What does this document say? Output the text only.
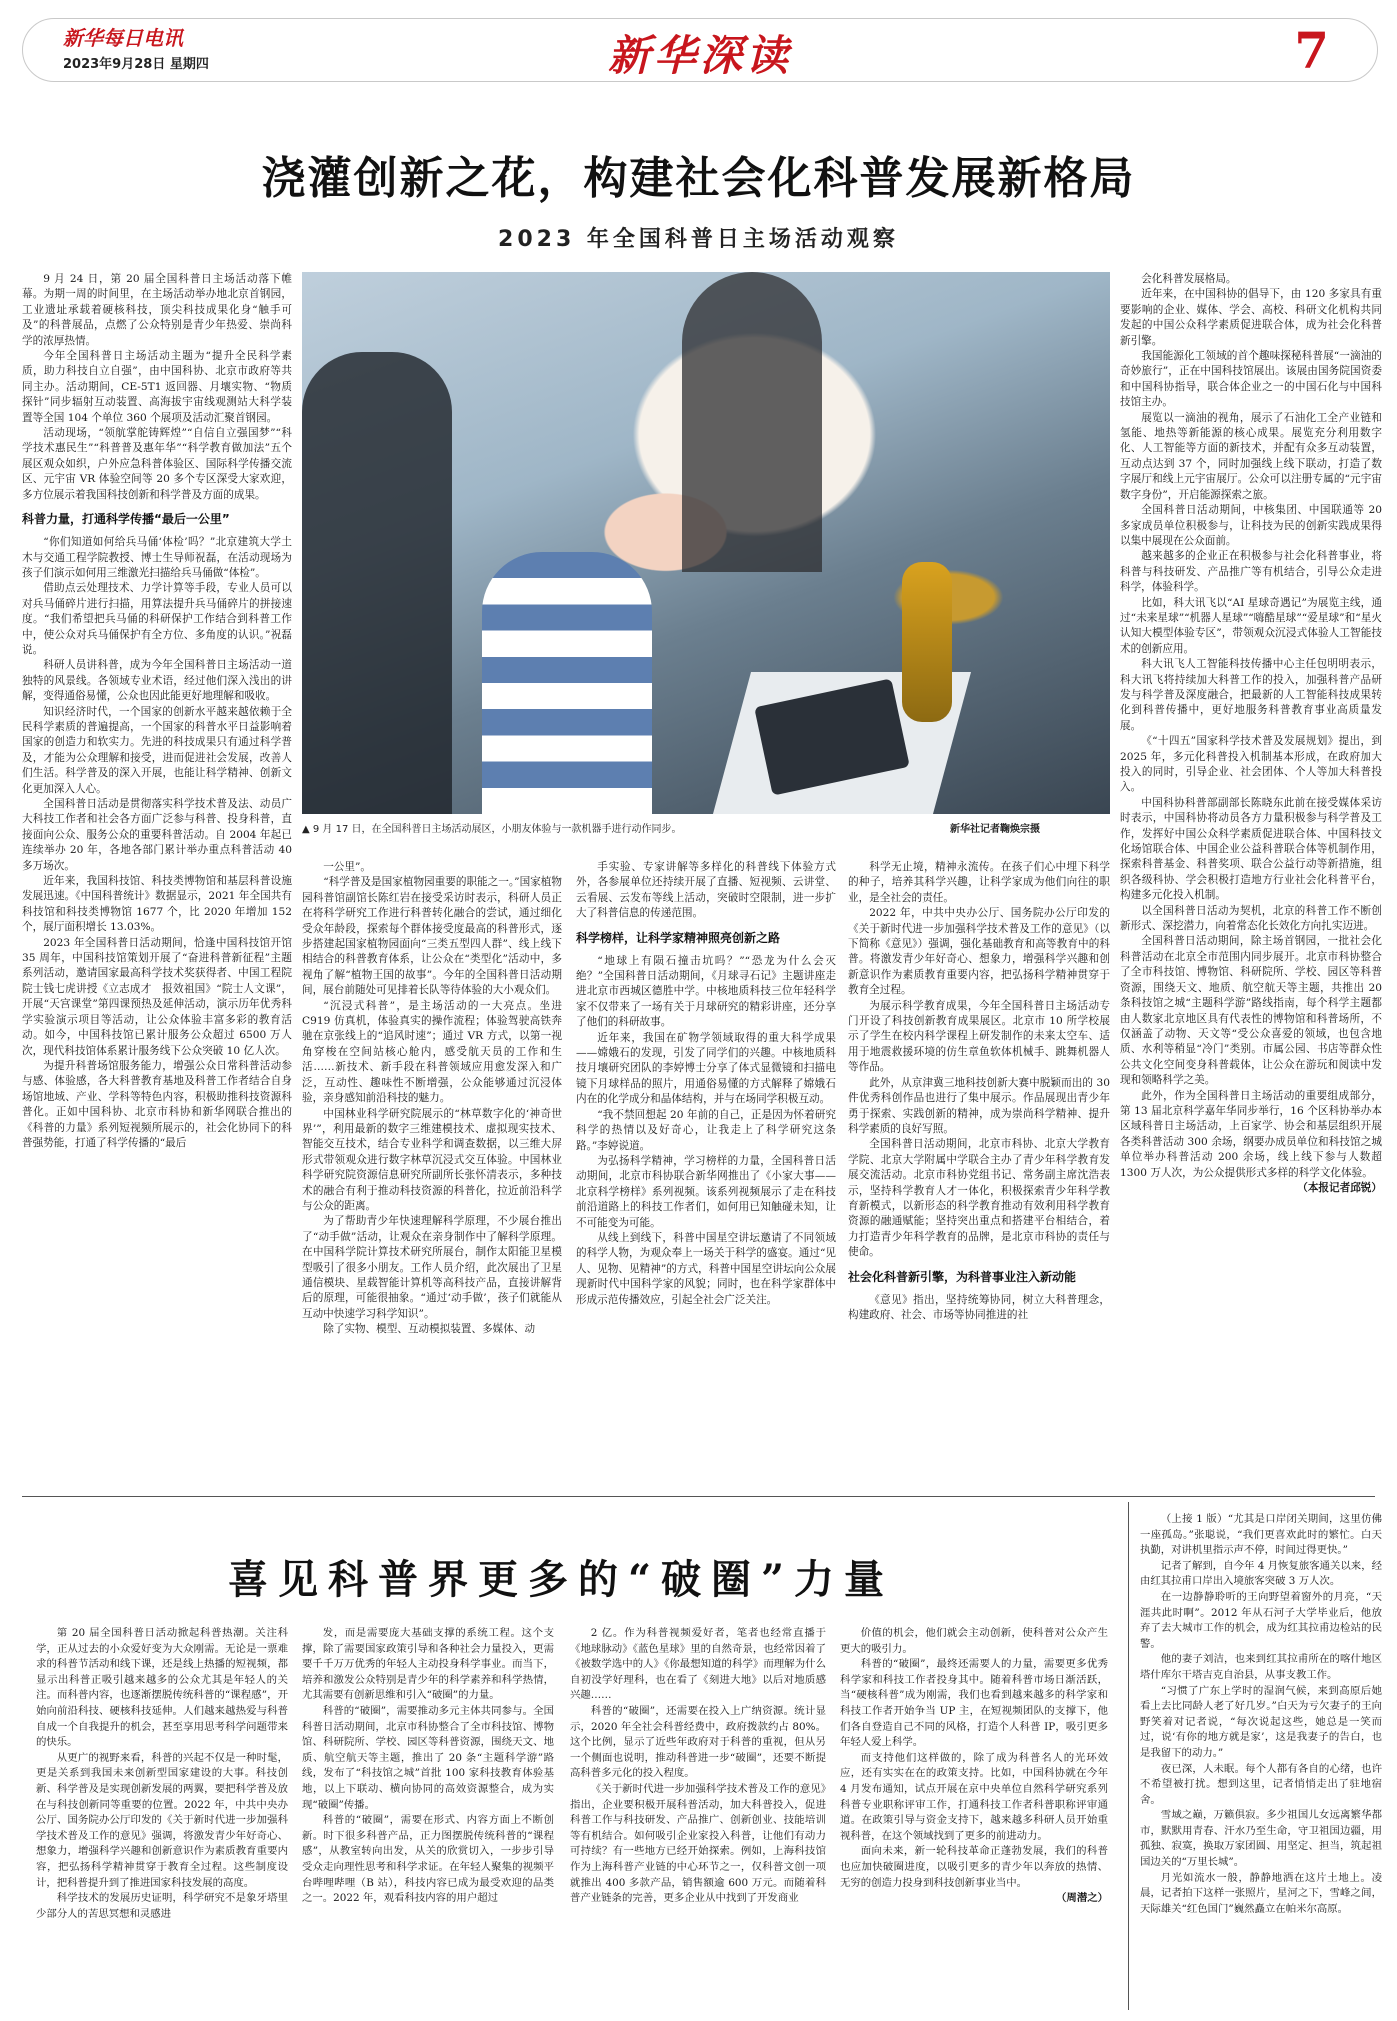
新华每日电讯
2023年9月28日 星期四	新华深读	7
浇灌创新之花，构建社会化科普发展新格局
2023 年全国科普日主场活动观察

9 月 24 日，第 20 届全国科普日主场活动落下帷幕。为期一周的时间里，在主场活动举办地北京首钢园，工业遗址承载着硬核科技，顶尖科技成果化身“触手可及”的科普展品，点燃了公众特别是青少年热爱、崇尚科学的浓厚热情。

今年全国科普日主场活动主题为“提升全民科学素质，助力科技自立自强”，由中国科协、北京市政府等共同主办。活动期间，CE-5T1 返回器、月壤实物、“物质探针”同步辐射互动装置、高海拔宇宙线观测站大科学装置等全国 104 个单位 360 个展项及活动汇聚首钢园。

活动现场，“领航掌舵铸辉煌”“自信自立强国梦”“科学技术惠民生”“科普普及惠年华”“科学教育做加法”五个展区观众如织，户外应急科普体验区、国际科学传播交流区、元宇宙 VR 体验空间等 20 多个专区深受大家欢迎，多方位展示着我国科技创新和科学普及方面的成果。

科普力量，打通科学传播“最后一公里”

“你们知道如何给兵马俑‘体检’吗？”北京建筑大学土木与交通工程学院教授、博士生导师祝磊，在活动现场为孩子们演示如何用三维激光扫描给兵马俑做“体检”。

借助点云处理技术、力学计算等手段，专业人员可以对兵马俑碎片进行扫描，用算法提升兵马俑碎片的拼接速度。“我们希望把兵马俑的科研保护工作结合到科普工作中，使公众对兵马俑保护有全方位、多角度的认识。”祝磊说。

科研人员讲科普，成为今年全国科普日主场活动一道独特的风景线。各领域专业术语，经过他们深入浅出的讲解，变得通俗易懂，公众也因此能更好地理解和吸收。

知识经济时代，一个国家的创新水平越来越依赖于全民科学素质的普遍提高，一个国家的科普水平日益影响着国家的创造力和软实力。先进的科技成果只有通过科学普及，才能为公众理解和接受，进而促进社会发展，改善人们生活。科学普及的深入开展，也能让科学精神、创新文化更加深入人心。

全国科普日活动是贯彻落实科学技术普及法、动员广大科技工作者和社会各方面广泛参与科普、投身科普，直接面向公众、服务公众的重要科普活动。自 2004 年起已连续举办 20 年，各地各部门累计举办重点科普活动 40 多万场次。

近年来，我国科技馆、科技类博物馆和基层科普设施发展迅速。《中国科普统计》数据显示，2021 年全国共有科技馆和科技类博物馆 1677 个，比 2020 年增加 152 个，展厅面积增长 13.03%。

2023 年全国科普日活动期间，恰逢中国科技馆开馆 35 周年，中国科技馆策划开展了“奋进科普新征程”主题系列活动，邀请国家最高科学技术奖获得者、中国工程院院士钱七虎讲授《立志成才　报效祖国》“院士人文课”，开展“天宫课堂”第四课预热及延伸活动，演示历年优秀科学实验演示项目等活动，让公众体验丰富多彩的教育活动。如今，中国科技馆已累计服务公众超过 6500 万人次，现代科技馆体系累计服务线下公众突破 10 亿人次。

为提升科普场馆服务能力，增强公众日常科普活动参与感、体验感，各大科普教育基地及科普工作者结合自身场馆地域、产业、学科等特色内容，积极助推科技资源科普化。正如中国科协、北京市科协和新华网联合推出的《科普的力量》系列短视频所展示的，社会化协同下的科普强势能，打通了科学传播的“最后

▲ 9 月 17 日，在全国科普日主场活动展区，小朋友体验与一款机器手进行动作同步。	新华社记者鞠焕宗摄

一公里”。

“科学普及是国家植物园重要的职能之一。”国家植物园科普馆副馆长陈红岩在接受采访时表示，科研人员正在将科学研究工作进行科普转化融合的尝试，通过细化受众年龄段，探索每个群体接受度最高的科普形式，逐步搭建起国家植物园面向“三类五型四人群”、线上线下相结合的科普教育体系，让公众在“类型化”活动中，多视角了解“植物王国的故事”。今年的全国科普日活动期间，展台前随处可见排着长队等待体验的大小观众们。

“沉浸式科普”，是主场活动的一大亮点。坐进 C919 仿真机，体验真实的操作流程；体验驾驶高铁奔驰在京张线上的“追风时速”；通过 VR 方式，以第一视角穿梭在空间站核心舱内，感受航天员的工作和生活……新技术、新手段在科普领域应用愈发深入和广泛，互动性、趣味性不断增强，公众能够通过沉浸体验，亲身感知前沿科技的魅力。

中国林业科学研究院展示的“林草数字化的‘神奇世界’”，利用最新的数字三维建模技术、虚拟现实技术、智能交互技术，结合专业科学和调查数据，以三维大屏形式带领观众进行数字林草沉浸式交互体验。中国林业科学研究院资源信息研究所副所长张怀清表示，多种技术的融合有利于推动科技资源的科普化，拉近前沿科学与公众的距离。

为了帮助青少年快速理解科学原理，不少展台推出了“动手做”活动，让观众在亲身制作中了解科学原理。在中国科学院计算技术研究所展台，制作太阳能卫星模型吸引了很多小朋友。工作人员介绍，此次展出了卫星通信模块、星载智能计算机等高科技产品，直接讲解背后的原理，可能很抽象。“通过‘动手做’，孩子们就能从互动中快速学习科学知识”。

除了实物、模型、互动模拟装置、多媒体、动

手实验、专家讲解等多样化的科普线下体验方式外，各参展单位还持续开展了直播、短视频、云讲堂、云看展、云发布等线上活动，突破时空限制，进一步扩大了科普信息的传递范围。

科学榜样，让科学家精神照亮创新之路

“地球上有陨石撞击坑吗？”“恐龙为什么会灭绝？”全国科普日活动期间，《月球寻石记》主题讲座走进北京市西城区德胜中学。中核地质科技三位年轻科学家不仅带来了一场有关于月球研究的精彩讲座，还分享了他们的科研故事。

近年来，我国在矿物学领域取得的重大科学成果——嫦娥石的发现，引发了同学们的兴趣。中核地质科技月壤研究团队的李婷博士分享了体式显微镜和扫描电镜下月球样品的照片，用通俗易懂的方式解释了嫦娥石内在的化学成分和晶体结构，并与在场同学积极互动。

“我不禁回想起 20 年前的自己，正是因为怀着研究科学的热情以及好奇心，让我走上了科学研究这条路。”李婷说道。

为弘扬科学精神，学习榜样的力量，全国科普日活动期间，北京市科协联合新华网推出了《小家大事——北京科学榜样》系列视频。该系列视频展示了走在科技前沿道路上的科技工作者们，如何用已知触碰未知，让不可能变为可能。

从线上到线下，科普中国星空讲坛邀请了不同领域的科学人物，为观众奉上一场关于科学的盛宴。通过“见人、见物、见精神”的方式，科普中国星空讲坛向公众展现新时代中国科学家的风貌；同时，也在科学家群体中形成示范传播效应，引起全社会广泛关注。

科学无止境，精神永流传。在孩子们心中埋下科学的种子，培养其科学兴趣，让科学家成为他们向往的职业，是全社会的责任。

2022 年，中共中央办公厅、国务院办公厅印发的《关于新时代进一步加强科学技术普及工作的意见》（以下简称《意见》）强调，强化基础教育和高等教育中的科普。将激发青少年好奇心、想象力，增强科学兴趣和创新意识作为素质教育重要内容，把弘扬科学精神贯穿于教育全过程。

为展示科学教育成果，今年全国科普日主场活动专门开设了科技创新教育成果展区。北京市 10 所学校展示了学生在校内科学课程上研发制作的未来太空车、适用于地震救援环境的仿生章鱼软体机械手、跳舞机器人等作品。

此外，从京津冀三地科技创新大赛中脱颖而出的 30 件优秀科创作品也进行了集中展示。作品展现出青少年勇于探索、实践创新的精神，成为崇尚科学精神、提升科学素质的良好写照。

全国科普日活动期间，北京市科协、北京大学教育学院、北京大学附属中学联合主办了青少年科学教育发展交流活动。北京市科协党组书记、常务副主席沈浩表示，坚持科学教育人才一体化，积极探索青少年科学教育新模式，以新形态的科学教育推动有效利用科学教育资源的融通赋能；坚持突出重点和搭建平台相结合，着力打造青少年科学教育的品牌，是北京市科协的责任与使命。

社会化科普新引擎，为科普事业注入新动能

《意见》指出，坚持统筹协同，树立大科普理念，构建政府、社会、市场等协同推进的社

会化科普发展格局。

近年来，在中国科协的倡导下，由 120 多家具有重要影响的企业、媒体、学会、高校、科研文化机构共同发起的中国公众科学素质促进联合体，成为社会化科普新引擎。

我国能源化工领域的首个趣味探秘科普展“一滴油的奇妙旅行”，正在中国科技馆展出。该展由国务院国资委和中国科协指导，联合体企业之一的中国石化与中国科技馆主办。

展览以一滴油的视角，展示了石油化工全产业链和氢能、地热等新能源的核心成果。展览充分利用数字化、人工智能等方面的新技术，并配有众多互动装置，互动点达到 37 个，同时加强线上线下联动，打造了数字展厅和线上元宇宙展厅。公众可以注册专属的“元宇宙数字身份”，开启能源探索之旅。

全国科普日活动期间，中核集团、中国联通等 20 多家成员单位积极参与，让科技为民的创新实践成果得以集中展现在公众面前。

越来越多的企业正在积极参与社会化科普事业，将科普与科技研发、产品推广等有机结合，引导公众走进科学，体验科学。

比如，科大讯飞以“AI 星球奇遇记”为展览主线，通过“未来星球”“机器人星球”“嗨酷星球”“爱星球”和“星火认知大模型体验专区”，带领观众沉浸式体验人工智能技术的创新应用。

科大讯飞人工智能科技传播中心主任包明明表示，科大讯飞将持续加大科普工作的投入，加强科普产品研发与科学普及深度融合，把最新的人工智能科技成果转化到科普传播中，更好地服务科普教育事业高质量发展。

《“十四五”国家科学技术普及发展规划》提出，到 2025 年，多元化科普投入机制基本形成，在政府加大投入的同时，引导企业、社会团体、个人等加大科普投入。

中国科协科普部副部长陈晓东此前在接受媒体采访时表示，中国科协将动员各方力量积极参与科学普及工作，发挥好中国公众科学素质促进联合体、中国科技文化场馆联合体、中国企业公益科普联合体等机制作用，探索科普基金、科普奖项、联合公益行动等新措施，组织各级科协、学会积极打造地方行业社会化科普平台，构建多元化投入机制。

以全国科普日活动为契机，北京的科普工作不断创新形式、深挖潜力，向着常态化长效化方向扎实迈进。

全国科普日活动期间，除主场首钢园，一批社会化科普活动在北京全市范围内同步展开。北京市科协整合了全市科技馆、博物馆、科研院所、学校、园区等科普资源，围绕天文、地质、航空航天等主题，共推出 20 条科技馆之城“主题科学游”路线指南，每个科学主题都由人数家北京地区具有代表性的博物馆和科普场所，不仅涵盖了动物、天文等“受公众喜爱的领域，也包含地质、水利等稍显“冷门”类别。市属公园、书店等群众性公共文化空间变身科普载体，让公众在游玩和阅读中发现和领略科学之美。

此外，作为全国科普日主场活动的重要组成部分，第 13 届北京科学嘉年华同步举行，16 个区科协举办本区域科普日主场活动，上百家学、协会和基层组织开展各类科普活动 300 余场，纲要办成员单位和科技馆之城单位举办科普活动 200 余场，线上线下参与人数超 1300 万人次，为公众提供形式多样的科学文化体验。

（本报记者邱锐）

喜见科普界更多的“破圈”力量

第 20 届全国科普日活动掀起科普热潮。关注科学，正从过去的小众爱好变为大众刚需。无论是一票难求的科普节活动和线下课，还是线上热播的短视频，都显示出科普正吸引越来越多的公众尤其是年轻人的关注。而科普内容，也逐渐摆脱传统科普的“课程感”，开始向前沿科技、硬核科技延伸。人们越来越热爱与科普自成一个自我提升的机会，甚至享用思考科学问题带来的快乐。

从更广的视野来看，科普的兴起不仅是一种时髦，更是关系到我国未来创新型国家建设的大事。科技创新、科学普及是实现创新发展的两翼，要把科学普及放在与科技创新同等重要的位置。2022 年，中共中央办公厅、国务院办公厅印发的《关于新时代进一步加强科学技术普及工作的意见》强调，将激发青少年好奇心、想象力，增强科学兴趣和创新意识作为素质教育重要内容，把弘扬科学精神贯穿于教育全过程。这些制度设计，把科普提升到了推进国家科技发展的高度。

科学技术的发展历史证明，科学研究不是象牙塔里少部分人的苦思冥想和灵感进

发，而是需要庞大基础支撑的系统工程。这个支撑，除了需要国家政策引导和各种社会力量投入，更需要千千万万优秀的年轻人主动投身科学事业。而当下，培养和激发公众特别是青少年的科学素养和科学热情，尤其需要有创新思维和引入“破圈”的力量。

科普的“破圈”，需要推动多元主体共同参与。全国科普日活动期间，北京市科协整合了全市科技馆、博物馆、科研院所、学校、园区等科普资源，围绕天文、地质、航空航天等主题，推出了 20 条“主题科学游”路线，发布了“科技馆之城”首批 100 家科技教育体验基地，以上下联动、横向协同的高效资源整合，成为实现“破圈”传播。

科普的“破圈”，需要在形式、内容方面上不断创新。时下很多科普产品，正力图摆脱传统科普的“课程感”，从教室转向出发，从关的欣赏切入，一步步引导受众走向理性思考和科学求证。在年轻人聚集的视频平台哔哩哔哩（B 站），科技内容已成为最受欢迎的品类之一。2022 年，观看科技内容的用户超过

2 亿。作为科普视频爱好者，笔者也经常直播于《地球脉动》《蓝色星球》里的自然奇景，也经常因着了《被数学选中的人》《你最想知道的科学》而理解为什么自初没学好理科，也在看了《刻进大地》以后对地质感兴趣……

科普的“破圈”，还需要在投入上广纳资源。统计显示，2020 年全社会科普经费中，政府拨款约占 80%。这个比例，显示了近些年政府对于科普的重视，但从另一个侧面也说明，推动科普进一步“破圈”，还要不断提高科普多元化的投入程度。

《关于新时代进一步加强科学技术普及工作的意见》指出，企业要积极开展科普活动，加大科普投入，促进科普工作与科技研发、产品推广、创新创业、技能培训等有机结合。如何吸引企业家投入科普，让他们有动力可持续？有一些地方已经开始探索。例如，上海科技馆作为上海科普产业链的中心环节之一，仅科普文创一项就推出 400 多款产品，销售额逾 600 万元。而随着科普产业链条的完善，更多企业从中找到了开发商业

价值的机会，他们就会主动创新，使科普对公众产生更大的吸引力。

科普的“破圈”，最终还需要人的力量，需要更多优秀科学家和科技工作者投身其中。随着科普市场日渐活跃，当“硬核科普”成为刚需，我们也看到越来越多的科学家和科技工作者开始争当 UP 主，在短视频团队的支撑下，他们各自登造自己不同的风格，打造个人科普 IP，吸引更多年轻人爱上科学。

而支持他们这样做的，除了成为科普名人的光环效应，还有实实在在的政策支持。比如，中国科协就在今年 4 月发布通知，试点开展在京中央单位自然科学研究系列科普专业职称评审工作，打通科技工作者科普职称评审通道。在政策引导与资金支持下，越来越多科研人员开始重视科普，在这个领域找到了更多的前进动力。

面向未来，新一轮科技革命正蓬勃发展，我们的科普也应加快破圈进度，以吸引更多的青少年以奔放的热情、无穷的创造力投身到科技创新事业当中。

（周潜之）

（上接 1 版）“尤其是口岸闭关期间，这里仿佛一座孤岛。”张聪说，“我们更喜欢此时的繁忙。白天执勤，对讲机里指示声不停，时间过得更快。”

记者了解到，自今年 4 月恢复旅客通关以来，经由红其拉甫口岸出入境旅客突破 3 万人次。

在一边静静聆听的王向野望着窗外的月亮，“天涯共此时啊”。2012 年从石河子大学毕业后，他放弃了去大城市工作的机会，成为红其拉甫边检站的民警。

他的妻子刘洁，也来到红其拉甫所在的喀什地区塔什库尔干塔吉克自治县，从事支教工作。

“习惯了广东上学时的湿润气候，来到高原后她看上去比同龄人老了好几岁。”白天为亏欠妻子的王向野笑着对记者说，“每次说起这些，她总是一笑而过，说‘有你的地方就是家’，这是我妻子的告白，也是我留下的动力。”

夜已深，人未眠。每个人都有各自的心绪，也许不希望被打扰。想到这里，记者悄悄走出了驻地宿舍。

雪域之巅，万籁俱寂。多少祖国儿女远离繁华都市，默默用青春、汗水乃至生命，守卫祖国边疆，用孤独、寂寞，换取万家团圆、用坚定、担当，筑起祖国边关的“万里长城”。

月光如流水一般，静静地洒在这片土地上。凌晨，记者拍下这样一张照片，星河之下，雪峰之间，天际雄关“红色国门”巍然矗立在帕米尔高原。
